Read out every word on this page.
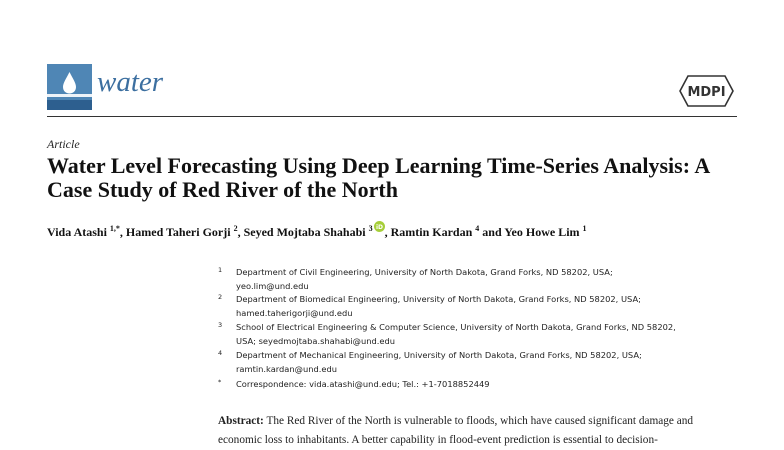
water	MDPI
Article
Water Level Forecasting Using Deep Learning Time-Series Analysis: A Case Study of Red River of the North
Vida Atashi $^{1,*}$, Hamed Taheri Gorji $^2$, Seyed Mojtaba Shahabi $^3$ iD , Ramtin Kardan $^4$ and Yeo Howe Lim $^1$
1 Department of Civil Engineering, University of North Dakota, Grand Forks, ND 58202, USA;
yeo.lim@und.edu
2 Department of Biomedical Engineering, University of North Dakota, Grand Forks, ND 58202, USA;
hamed.taherigorji@und.edu
3 School of Electrical Engineering & Computer Science, University of North Dakota, Grand Forks, ND 58202,
USA; seyedmojtaba.shahabi@und.edu
4 Department of Mechanical Engineering, University of North Dakota, Grand Forks, ND 58202, USA;
ramtin.kardan@und.edu
* Correspondence: vida.atashi@und.edu; Tel.: +1-7018852449
Abstract: The Red River of the North is vulnerable to floods, which have caused significant damage and economic loss to inhabitants. A better capability in flood-event prediction is essential to decision-
